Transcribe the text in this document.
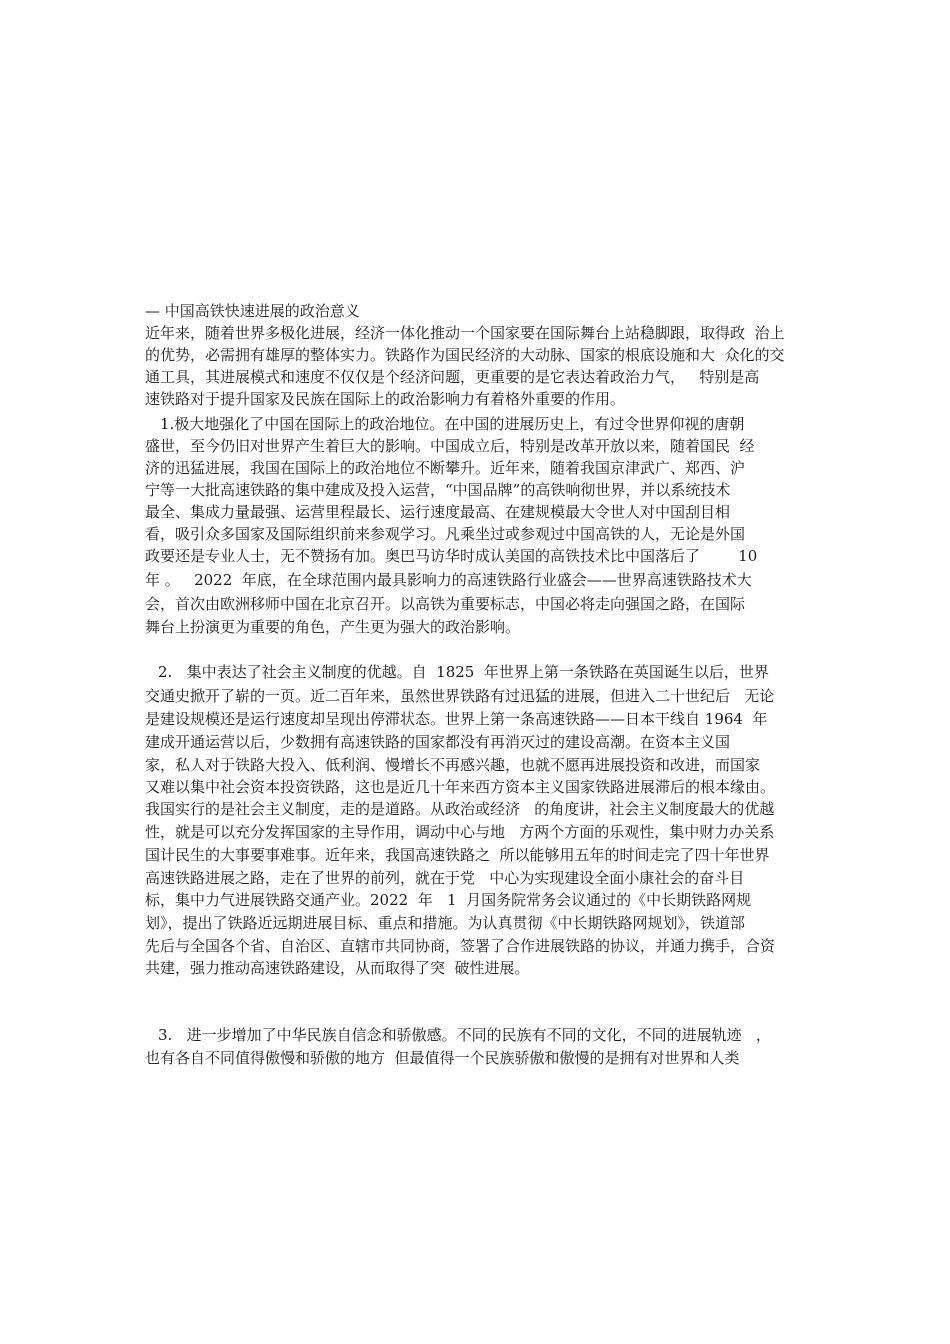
— 中国高铁快速进展的政治意义
近年来，随着世界多极化进展，经济一体化推动一个国家要在国际舞台上站稳脚跟，取得政  治上
的优势，必需拥有雄厚的整体实力。铁路作为国民经济的大动脉、国家的根底设施和大  众化的交
通工具，其进展模式和速度不仅仅是个经济问题，更重要的是它表达着政治力气，   特别是高
速铁路对于提升国家及民族在国际上的政治影响力有着格外重要的作用。
1.极大地强化了中国在国际上的政治地位。在中国的进展历史上，有过令世界仰视的唐朝
盛世，至今仍旧对世界产生着巨大的影响。中国成立后，特别是改革开放以来，随着国民  经
济的迅猛进展，我国在国际上的政治地位不断攀升。近年来，随着我国京津武广、郑西、沪
宁等一大批高速铁路的集中建成及投入运营，“中国品牌”的高铁响彻世界，并以系统技术
最全、集成力量最强、运营里程最长、运行速度最高、在建规模最大令世人对中国刮目相
看，吸引众多国家及国际组织前来参观学习。凡乘坐过或参观过中国高铁的人，无论是外国
政要还是专业人士，无不赞扬有加。奥巴马访华时成认美国的高铁技术比中国落后了        10
年 。   2022  年底，在全球范围内最具影响力的高速铁路行业盛会——世界高速铁路技术大
会，首次由欧洲移师中国在北京召开。以高铁为重要标志，中国必将走向强国之路，在国际
舞台上扮演更为重要的角色，产生更为强大的政治影响。
2.   集中表达了社会主义制度的优越。自  1825  年世界上第一条铁路在英国诞生以后，世界
交通史掀开了崭的一页。近二百年来，虽然世界铁路有过迅猛的进展，但进入二十世纪后   无论
是建设规模还是运行速度却呈现出停滞状态。世界上第一条高速铁路——日本干线自 1964  年
建成开通运营以后，少数拥有高速铁路的国家都没有再消灭过的建设高潮。在资本主义国
家，私人对于铁路大投入、低利润、慢增长不再感兴趣，也就不愿再进展投资和改进，而国家
又难以集中社会资本投资铁路，这也是近几十年来西方资本主义国家铁路进展滞后的根本缘由。
我国实行的是社会主义制度，走的是道路。从政治或经济   的角度讲，社会主义制度最大的优越
性，就是可以充分发挥国家的主导作用，调动中心与地   方两个方面的乐观性，集中财力办关系
国计民生的大事要事难事。近年来，我国高速铁路之  所以能够用五年的时间走完了四十年世界
高速铁路进展之路，走在了世界的前列，就在于党   中心为实现建设全面小康社会的奋斗目
标，集中力气进展铁路交通产业。2022  年   1  月国务院常务会议通过的《中长期铁路网规
划》，提出了铁路近远期进展目标、重点和措施。为认真贯彻《中长期铁路网规划》，铁道部
先后与全国各个省、自治区、直辖市共同协商，签署了合作进展铁路的协议，并通力携手，合资
共建，强力推动高速铁路建设，从而取得了突  破性进展。
3.   进一步增加了中华民族自信念和骄傲感。不同的民族有不同的文化，不同的进展轨迹   ，
也有各自不同值得傲慢和骄傲的地方  但最值得一个民族骄傲和傲慢的是拥有对世界和人类
